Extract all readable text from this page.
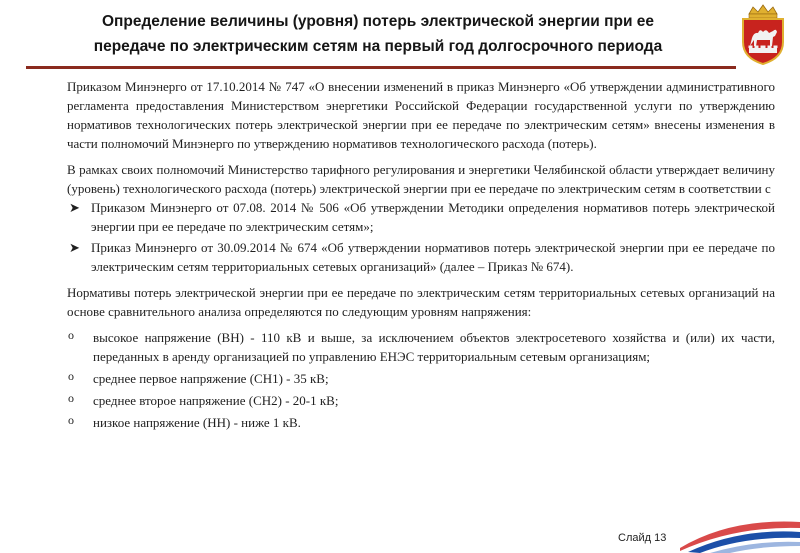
Определение величины (уровня) потерь электрической энергии при ее
передаче по электрическим сетям на первый год долгосрочного периода

Приказом Минэнерго от 17.10.2014 № 747 «О внесении изменений в приказ Минэнерго «Об утверждении административного регламента предоставления Министерством энергетики Российской Федерации государственной услуги по утверждению нормативов технологических потерь электрической энергии при ее передаче по электрическим сетям» внесены изменения в части полномочий Минэнерго по утверждению нормативов технологического расхода (потерь).

В рамках своих полномочий Министерство тарифного регулирования и энергетики Челябинской области утверждает величину (уровень) технологического расхода (потерь) электрической энергии при ее передаче по электрическим сетям в соответствии с

➤ Приказом Минэнерго от 07.08. 2014 № 506 «Об утверждении Методики определения нормативов потерь электрической энергии при ее передаче по электрическим сетям»;
➤ Приказ Минэнерго от 30.09.2014 № 674 «Об утверждении нормативов потерь электрической энергии при ее передаче по электрическим сетям территориальных сетевых организаций» (далее – Приказ № 674).

Нормативы потерь электрической энергии при ее передаче по электрическим сетям территориальных сетевых организаций на основе сравнительного анализа определяются по следующим уровням напряжения:

o высокое напряжение (ВН) - 110 кВ и выше, за исключением объектов электросетевого хозяйства и (или) их части, переданных в аренду организацией по управлению ЕНЭС территориальным сетевым организациям;
o среднее первое напряжение (СН1) - 35 кВ;
o среднее второе напряжение (СН2) - 20-1 кВ;
o низкое напряжение (НН) - ниже 1 кВ.
Слайд 13
